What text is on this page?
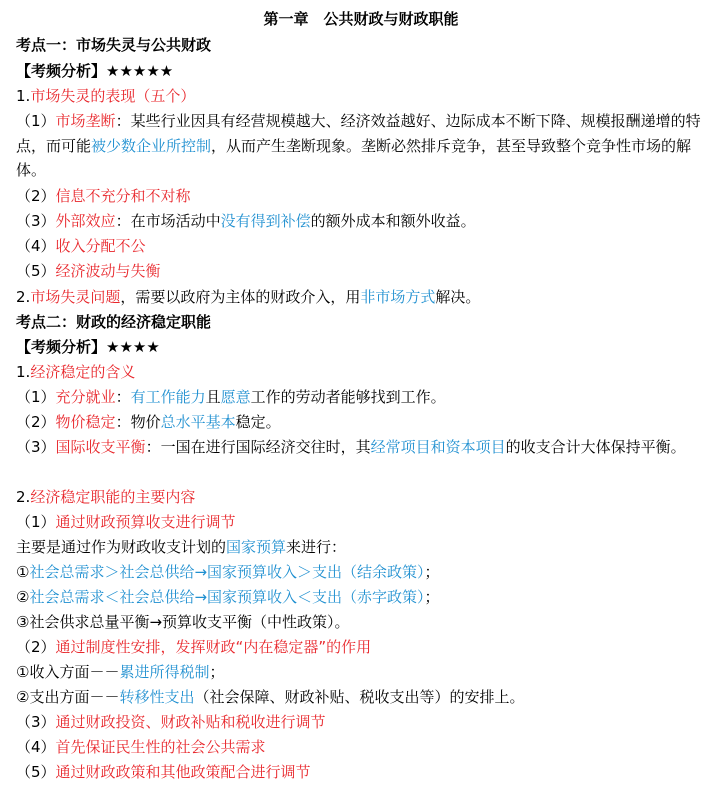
第一章　公共财政与财政职能
考点一：市场失灵与公共财政
【考频分析】★★★★★
1.市场失灵的表现（五个）
（1）市场垄断：某些行业因具有经营规模越大、经济效益越好、边际成本不断下降、规模报酬递增的特点，而可能被少数企业所控制，从而产生垄断现象。垄断必然排斥竞争，甚至导致整个竞争性市场的解体。
（2）信息不充分和不对称
（3）外部效应：在市场活动中没有得到补偿的额外成本和额外收益。
（4）收入分配不公
（5）经济波动与失衡
2.市场失灵问题，需要以政府为主体的财政介入，用非市场方式解决。
考点二：财政的经济稳定职能
【考频分析】★★★★
1.经济稳定的含义
（1）充分就业：有工作能力且愿意工作的劳动者能够找到工作。
（2）物价稳定：物价总水平基本稳定。
（3）国际收支平衡：一国在进行国际经济交往时，其经常项目和资本项目的收支合计大体保持平衡。
2.经济稳定职能的主要内容
（1）通过财政预算收支进行调节
主要是通过作为财政收支计划的国家预算来进行：
①社会总需求＞社会总供给→国家预算收入＞支出（结余政策）；
②社会总需求＜社会总供给→国家预算收入＜支出（赤字政策）；
③社会供求总量平衡→预算收支平衡（中性政策）。
（2）通过制度性安排，发挥财政“内在稳定器”的作用
①收入方面－－累进所得税制；
②支出方面－－转移性支出（社会保障、财政补贴、税收支出等）的安排上。
（3）通过财政投资、财政补贴和税收进行调节
（4）首先保证民生性的社会公共需求
（5）通过财政政策和其他政策配合进行调节
